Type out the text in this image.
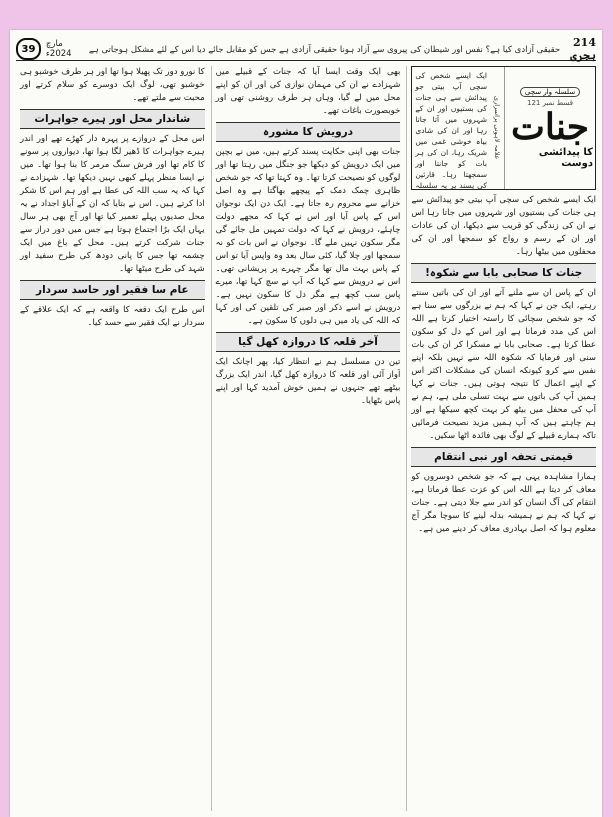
214 ہجری
حقیقی آزادی کیا ہے؟ نفس اور شیطان کی پیروی سے آزاد ہونا حقیقی آزادی ہے جس کو مقابل جائے دیا اس کے لئے مشکل ہوجاتی ہے
39	مارچ 2024ء
سلسلہ وار سچی
قسط نمبر 121
جنات
کا پیدائشی دوست
علامہ لاہوتی پراسراری
ایک ایسے شخص کی سچی آپ بیتی جو پیدائش سے ہی جنات کی بستیوں اور ان کے شہروں میں آتا جاتا رہا اور ان کی شادی بیاہ خوشی غمی میں شریک رہا، ان کی ہر بات کو جانتا اور سمجھتا رہا۔ قارئین کی پسند پر یہ سلسلہ

ایک ایسے شخص کی سچی آپ بیتی جو پیدائش سے ہی جنات کی بستیوں اور شہروں میں جاتا رہا اس نے ان کی زندگی کو قریب سے دیکھا، ان کی عادات اور ان کے رسم و رواج کو سمجھا اور ان کی محفلوں میں بیٹھا رہا۔

جنات کا صحابی بابا سے شکوہ!

ان کے پاس ان سے ملنے آتے اور ان کی باتیں سنتے رہتے، ایک جن نے کہا کہ ہم نے بزرگوں سے سنا ہے کہ جو شخص سچائی کا راستہ اختیار کرتا ہے اللہ اس کی مدد فرماتا ہے اور اس کے دل کو سکون عطا کرتا ہے۔ صحابی بابا نے مسکرا کر ان کی بات سنی اور فرمایا کہ شکوہ اللہ سے نہیں بلکہ اپنے نفس سے کرو کیونکہ انسان کی مشکلات اکثر اس کے اپنے اعمال کا نتیجہ ہوتی ہیں۔ جنات نے کہا ہمیں آپ کی باتوں سے بہت تسلی ملی ہے، ہم نے آپ کی محفل میں بیٹھ کر بہت کچھ سیکھا ہے اور ہم چاہتے ہیں کہ آپ ہمیں مزید نصیحت فرمائیں تاکہ ہمارے قبیلے کے لوگ بھی فائدہ اٹھا سکیں۔

قیمتی تحفہ اور نبی انتقام

ہمارا مشاہدہ یہی ہے کہ جو شخص دوسروں کو معاف کر دیتا ہے اللہ اس کو عزت عطا فرماتا ہے، انتقام کی آگ انسان کو اندر سے جلا دیتی ہے۔ جنات نے کہا کہ ہم نے ہمیشہ بدلہ لینے کا سوچا مگر آج معلوم ہوا کہ اصل بہادری معاف کر دینے میں ہے۔

بھی ایک وقت ایسا آیا کہ جنات کے قبیلے میں شہزادے نے ان کی مہمان نوازی کی اور ان کو اپنے محل میں لے گیا، وہاں ہر طرف روشنی تھی اور خوبصورت باغات تھے۔

درویش کا مشورہ

جنات بھی اپنی حکایت پسند کرتے ہیں، میں نے بچپن میں ایک درویش کو دیکھا جو جنگل میں رہتا تھا اور لوگوں کو نصیحت کرتا تھا۔ وہ کہتا تھا کہ جو شخص ظاہری چمک دمک کے پیچھے بھاگتا ہے وہ اصل خزانے سے محروم رہ جاتا ہے۔ ایک دن ایک نوجوان اس کے پاس آیا اور اس نے کہا کہ مجھے دولت چاہئے، درویش نے کہا کہ دولت تمہیں مل جائے گی مگر سکون نہیں ملے گا۔ نوجوان نے اس بات کو نہ سمجھا اور چلا گیا، کئی سال بعد وہ واپس آیا تو اس کے پاس بہت مال تھا مگر چہرے پر پریشانی تھی۔ اس نے درویش سے کہا کہ آپ نے سچ کہا تھا، میرے پاس سب کچھ ہے مگر دل کا سکون نہیں ہے۔ درویش نے اسے ذکر اور صبر کی تلقین کی اور کہا کہ اللہ کی یاد میں ہی دلوں کا سکون ہے۔

آخر قلعہ کا دروازہ کھل گیا

تین دن مسلسل ہم نے انتظار کیا، پھر اچانک ایک آواز آئی اور قلعہ کا دروازہ کھل گیا، اندر ایک بزرگ بیٹھے تھے جنہوں نے ہمیں خوش آمدید کہا اور اپنے پاس بٹھایا۔

کا نورو دور تک پھیلا ہوا تھا اور ہر طرف خوشبو ہی خوشبو تھی، لوگ ایک دوسرے کو سلام کرتے اور محبت سے ملتے تھے۔

شاندار محل اور ہیرے جواہرات

اس محل کے دروازے پر پہرہ دار کھڑے تھے اور اندر ہیرے جواہرات کا ڈھیر لگا ہوا تھا، دیواروں پر سونے کا کام تھا اور فرش سنگ مرمر کا بنا ہوا تھا۔ میں نے ایسا منظر پہلے کبھی نہیں دیکھا تھا۔ شہزادے نے کہا کہ یہ سب اللہ کی عطا ہے اور ہم اس کا شکر ادا کرتے ہیں۔ اس نے بتایا کہ ان کے آباؤ اجداد نے یہ محل صدیوں پہلے تعمیر کیا تھا اور آج بھی ہر سال یہاں ایک بڑا اجتماع ہوتا ہے جس میں دور دراز سے جنات شرکت کرتے ہیں۔ محل کے باغ میں ایک چشمہ تھا جس کا پانی دودھ کی طرح سفید اور شہد کی طرح میٹھا تھا۔

عام سا فقیر اور حاسد سردار

اس طرح ایک دفعہ کا واقعہ ہے کہ ایک علاقے کے سردار نے ایک فقیر سے حسد کیا۔
